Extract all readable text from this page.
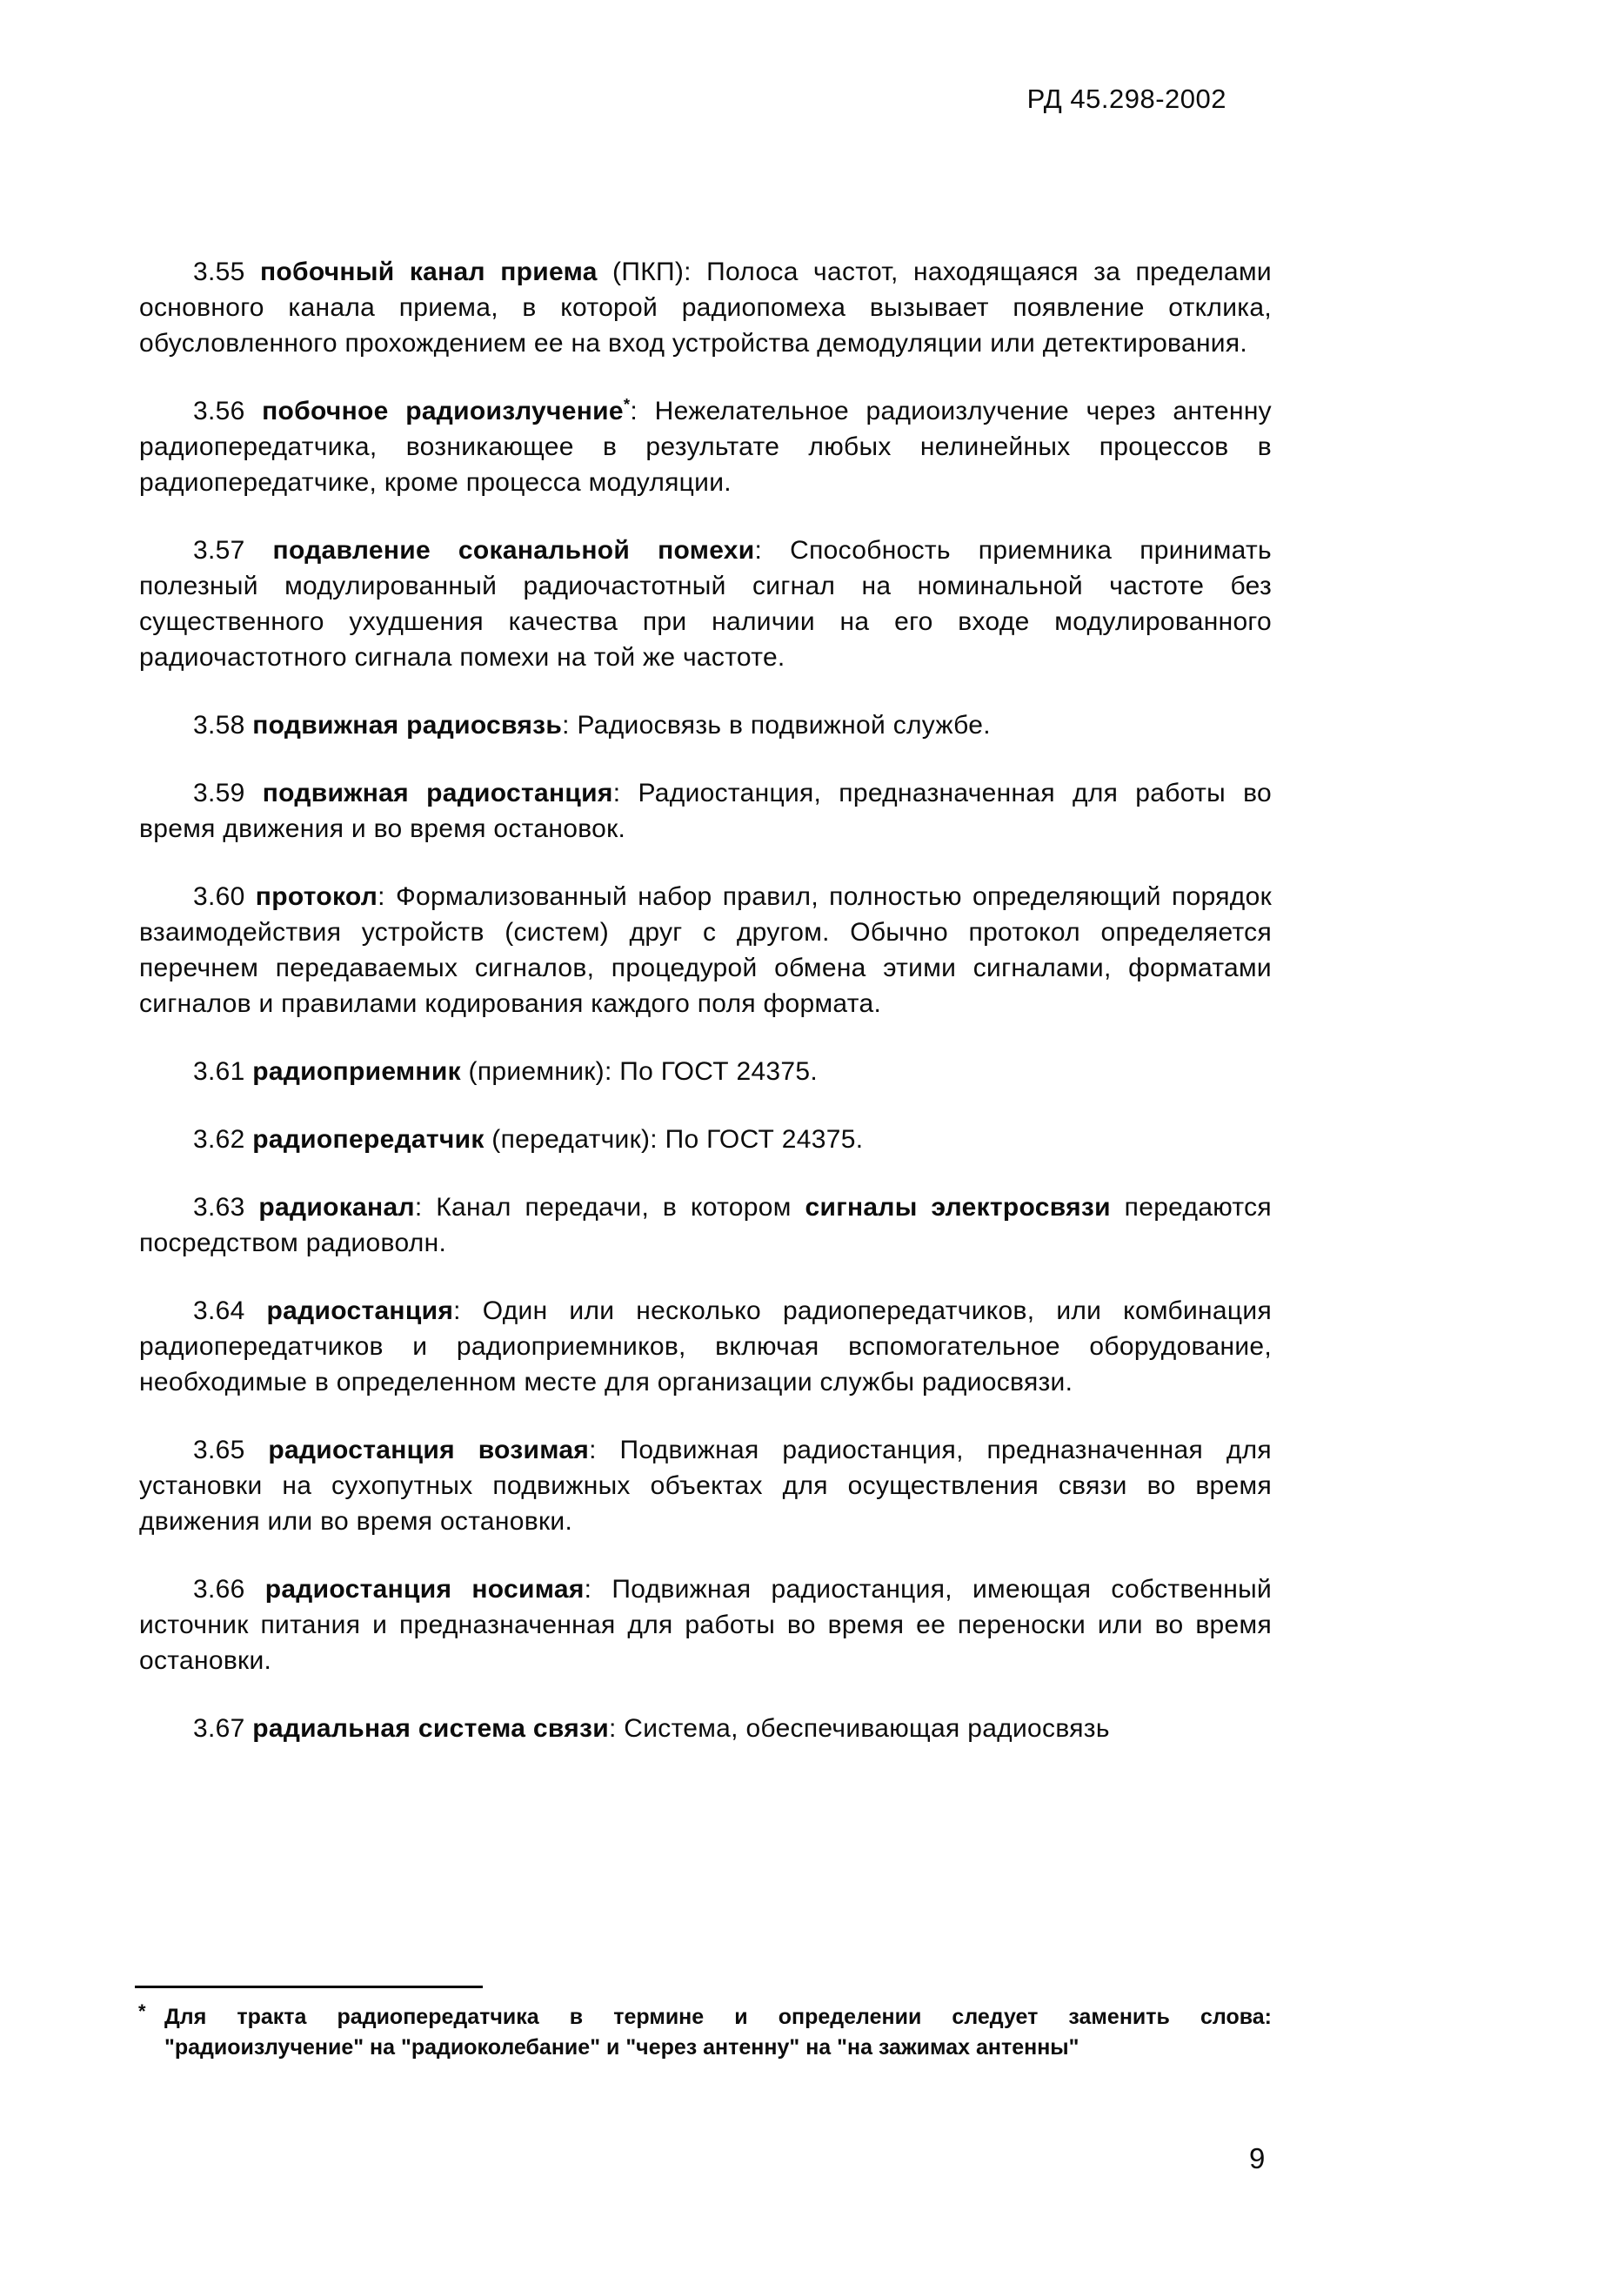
РД 45.298-2002

3.55 побочный канал приема (ПКП): Полоса частот, находящаяся за пределами основного канала приема, в которой радиопомеха вызывает появление отклика, обусловленного прохождением ее на вход устройства демодуляции или детектирования.

3.56 побочное радиоизлучение*: Нежелательное радиоизлучение через антенну радиопередатчика, возникающее в результате любых нелинейных процессов в радиопередатчике, кроме процесса модуляции.

3.57 подавление соканальной помехи: Способность приемника принимать полезный модулированный радиочастотный сигнал на номинальной частоте без существенного ухудшения качества при наличии на его входе модулированного радиочастотного сигнала помехи на той же частоте.

3.58 подвижная радиосвязь: Радиосвязь в подвижной службе.

3.59 подвижная радиостанция: Радиостанция, предназначенная для работы во время движения и во время остановок.

3.60 протокол: Формализованный набор правил, полностью определяющий порядок взаимодействия устройств (систем) друг с другом. Обычно протокол определяется перечнем передаваемых сигналов, процедурой обмена этими сигналами, форматами сигналов и правилами кодирования каждого поля формата.

3.61 радиоприемник (приемник): По ГОСТ 24375.

3.62 радиопередатчик (передатчик): По ГОСТ 24375.

3.63 радиоканал: Канал передачи, в котором сигналы электросвязи передаются посредством радиоволн.

3.64 радиостанция: Один или несколько радиопередатчиков, или комбинация радиопередатчиков и радиоприемников, включая вспомогательное оборудование, необходимые в определенном месте для организации службы радиосвязи.

3.65 радиостанция возимая: Подвижная радиостанция, предназначенная для установки на сухопутных подвижных объектах для осуществления связи во время движения или во время остановки.

3.66 радиостанция носимая: Подвижная радиостанция, имеющая собственный источник питания и предназначенная для работы во время ее переноски или во время остановки.

3.67 радиальная система связи: Система, обеспечивающая радиосвязь

* Для тракта радиопередатчика в термине и определении следует заменить слова:
"радиоизлучение" на "радиоколебание" и "через антенну" на "на зажимах антенны"
9
